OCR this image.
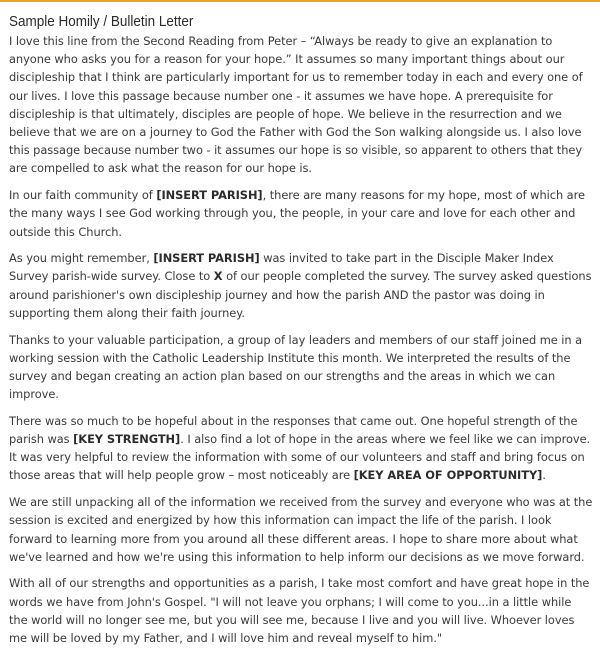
Sample Homily / Bulletin Letter

I love this line from the Second Reading from Peter – “Always be ready to give an explanation to anyone who asks you for a reason for your hope.” It assumes so many important things about our discipleship that I think are particularly important for us to remember today in each and every one of our lives. I love this passage because number one - it assumes we have hope. A prerequisite for discipleship is that ultimately, disciples are people of hope. We believe in the resurrection and we believe that we are on a journey to God the Father with God the Son walking alongside us. I also love this passage because number two - it assumes our hope is so visible, so apparent to others that they are compelled to ask what the reason for our hope is.

In our faith community of [INSERT PARISH], there are many reasons for my hope, most of which are the many ways I see God working through you, the people, in your care and love for each other and outside this Church.

As you might remember, [INSERT PARISH] was invited to take part in the Disciple Maker Index Survey parish-wide survey. Close to X of our people completed the survey. The survey asked questions around parishioner's own discipleship journey and how the parish AND the pastor was doing in supporting them along their faith journey.

Thanks to your valuable participation, a group of lay leaders and members of our staff joined me in a working session with the Catholic Leadership Institute this month. We interpreted the results of the survey and began creating an action plan based on our strengths and the areas in which we can improve.

There was so much to be hopeful about in the responses that came out. One hopeful strength of the parish was [KEY STRENGTH]. I also find a lot of hope in the areas where we feel like we can improve. It was very helpful to review the information with some of our volunteers and staff and bring focus on those areas that will help people grow – most noticeably are [KEY AREA OF OPPORTUNITY].

We are still unpacking all of the information we received from the survey and everyone who was at the session is excited and energized by how this information can impact the life of the parish. I look forward to learning more from you around all these different areas. I hope to share more about what we've learned and how we're using this information to help inform our decisions as we move forward.

With all of our strengths and opportunities as a parish, I take most comfort and have great hope in the words we have from John's Gospel. "I will not leave you orphans; I will come to you...in a little while the world will no longer see me, but you will see me, because I live and you will live. Whoever loves me will be loved by my Father, and I will love him and reveal myself to him."
